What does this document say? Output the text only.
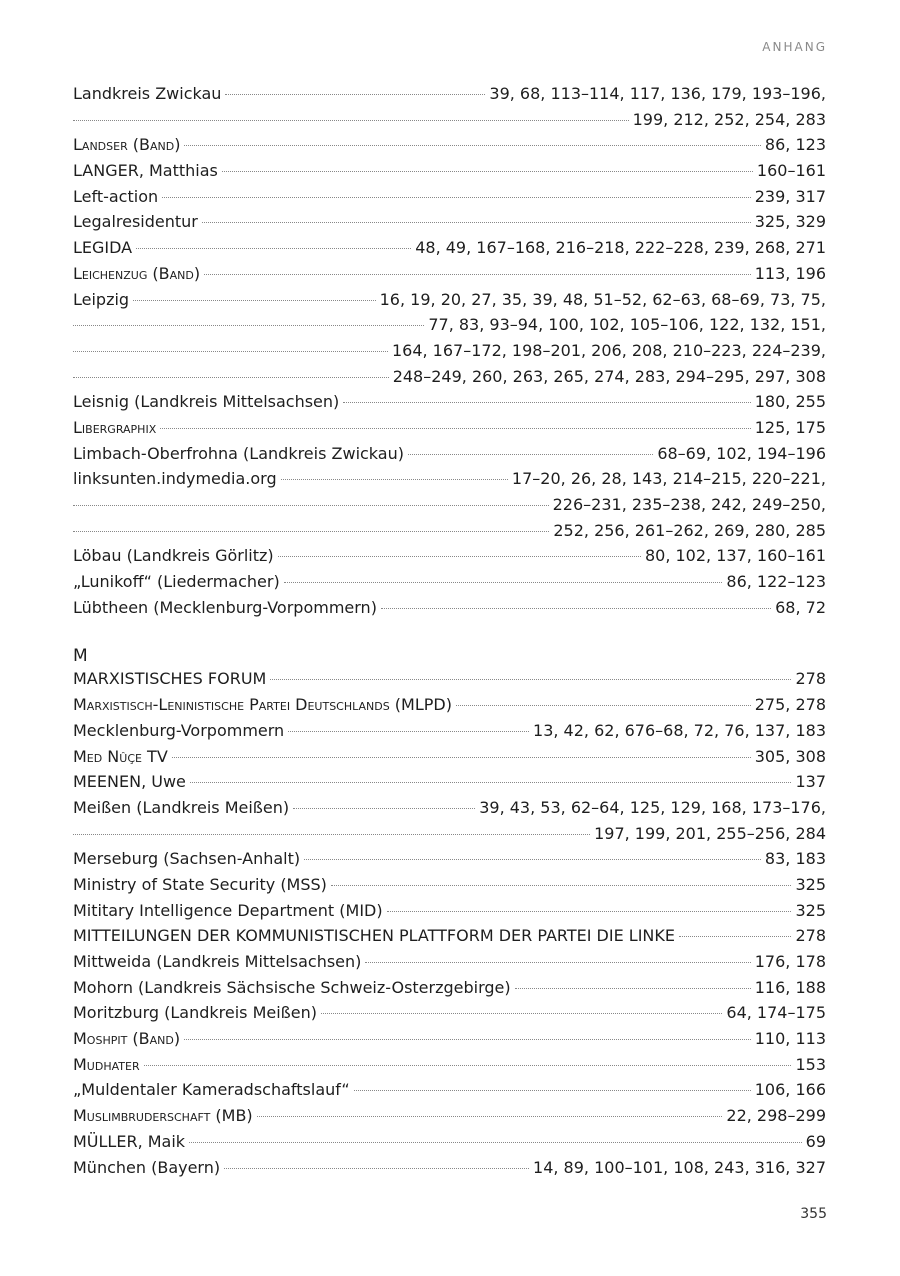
ANHANG
Landkreis Zwickau	39, 68, 113–114, 117, 136, 179, 193–196,
199, 212, 252, 254, 283
Landser (Band)	86, 123
LANGER, Matthias	160–161
Left-action	239, 317
Legalresidentur	325, 329
LEGIDA	48, 49, 167–168, 216–218, 222–228, 239, 268, 271
Leichenzug (Band)	113, 196
Leipzig	16, 19, 20, 27, 35, 39, 48, 51–52, 62–63, 68–69, 73, 75,
77, 83, 93–94, 100, 102, 105–106, 122, 132, 151,
164, 167–172, 198–201, 206, 208, 210–223, 224–239,
248–249, 260, 263, 265, 274, 283, 294–295, 297, 308
Leisnig (Landkreis Mittelsachsen)	180, 255
Libergraphix	125, 175
Limbach-Oberfrohna (Landkreis Zwickau)	68–69, 102, 194–196
linksunten.indymedia.org	17–20, 26, 28, 143, 214–215, 220–221,
226–231, 235–238, 242, 249–250,
252, 256, 261–262, 269, 280, 285
Löbau (Landkreis Görlitz)	80, 102, 137, 160–161
„Lunikoff“ (Liedermacher)	86, 122–123
Lübtheen (Mecklenburg-Vorpommern)	68, 72
M
MARXISTISCHES FORUM	278
Marxistisch-Leninistische Partei Deutschlands (MLPD)	275, 278
Mecklenburg-Vorpommern	13, 42, 62, 676–68, 72, 76, 137, 183
Med Nûçe TV	305, 308
MEENEN, Uwe	137
Meißen (Landkreis Meißen)	39, 43, 53, 62–64, 125, 129, 168, 173–176,
197, 199, 201, 255–256, 284
Merseburg (Sachsen-Anhalt)	83, 183
Ministry of State Security (MSS)	325
Mititary Intelligence Department (MID)	325
MITTEILUNGEN DER KOMMUNISTISCHEN PLATTFORM DER PARTEI DIE LINKE	278
Mittweida (Landkreis Mittelsachsen)	176, 178
Mohorn (Landkreis Sächsische Schweiz-Osterzgebirge)	116, 188
Moritzburg (Landkreis Meißen)	64, 174–175
Moshpit (Band)	110, 113
Mudhater	153
„Muldentaler Kameradschaftslauf“	106, 166
Muslimbruderschaft (MB)	22, 298–299
MÜLLER, Maik	69
München (Bayern)	14, 89, 100–101, 108, 243, 316, 327
355
